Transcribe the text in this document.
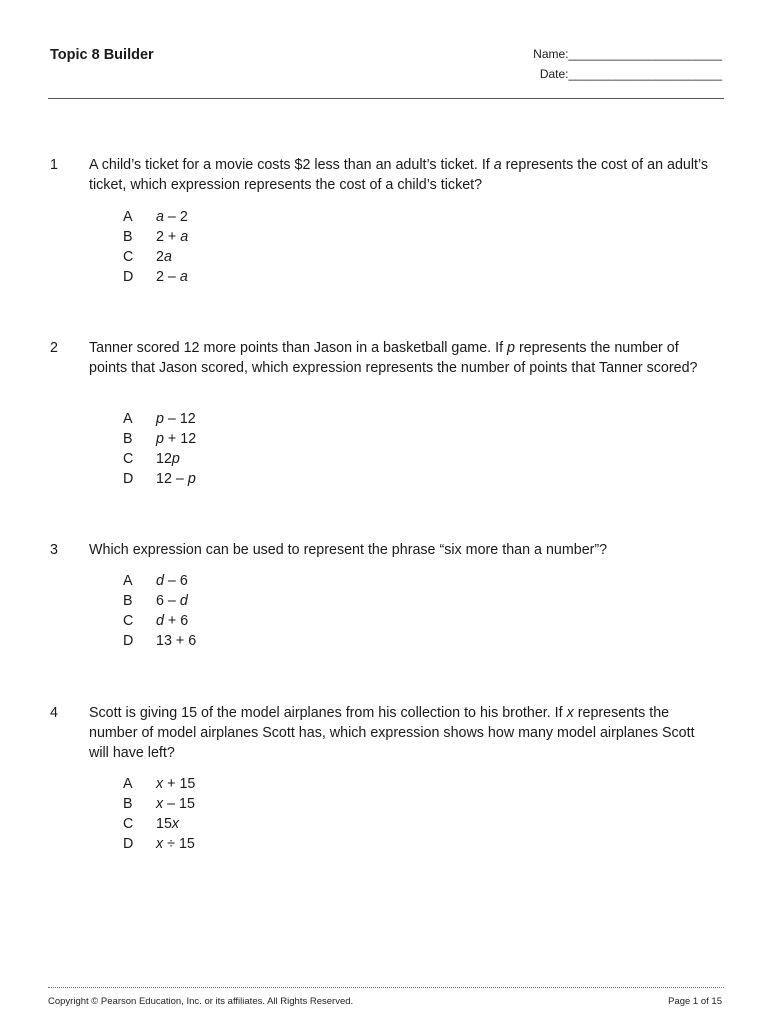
Topic 8 Builder	Name:_______________________
Date:_______________________
1 A child’s ticket for a movie costs $2 less than an adult’s ticket. If a represents the cost of an adult’s ticket, which expression represents the cost of a child’s ticket?
A a – 2
B 2 + a
C 2a
D 2 – a
2 Tanner scored 12 more points than Jason in a basketball game. If p represents the number of points that Jason scored, which expression represents the number of points that Tanner scored?
A p – 12
B p + 12
C 12p
D 12 – p
3 Which expression can be used to represent the phrase “six more than a number”?
A d – 6
B 6 – d
C d + 6
D 13 + 6
4 Scott is giving 15 of the model airplanes from his collection to his brother. If x represents the number of model airplanes Scott has, which expression shows how many model airplanes Scott will have left?
A x + 15
B x – 15
C 15x
D x ÷ 15
Copyright © Pearson Education, Inc. or its affiliates. All Rights Reserved.	Page 1 of 15
